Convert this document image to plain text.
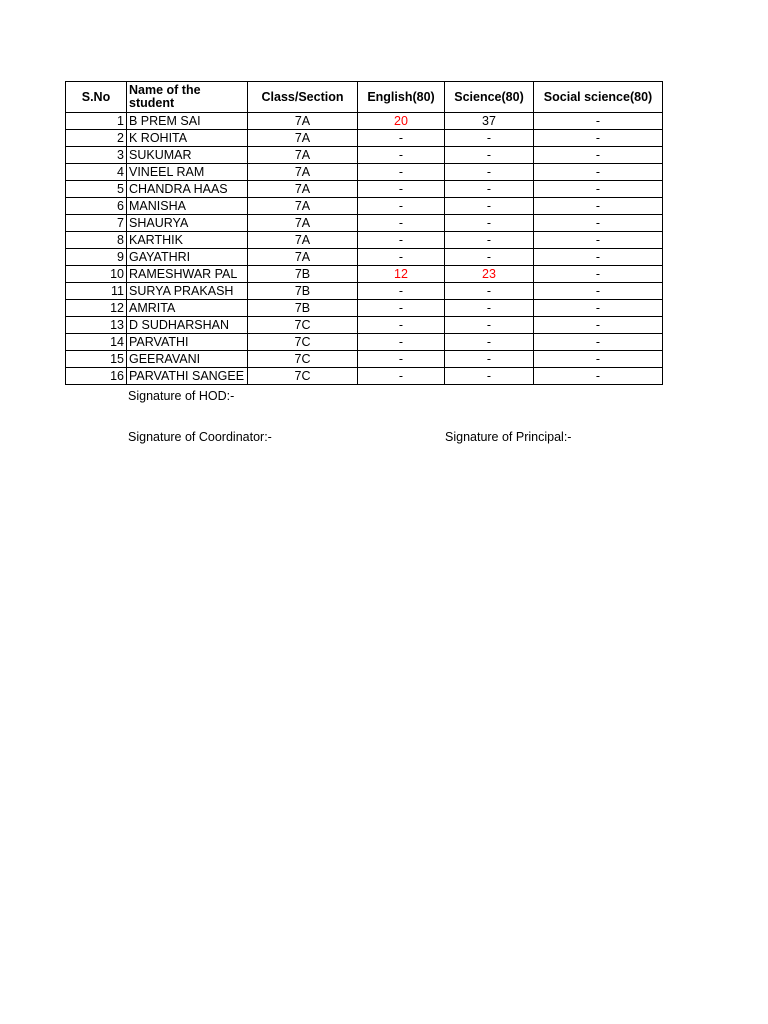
S.No	Name of the student	Class/Section	English(80)	Science(80)	Social science(80)
1	B PREM SAI	7A	20	37	-
2	K ROHITA	7A	-	-	-
3	SUKUMAR	7A	-	-	-
4	VINEEL RAM	7A	-	-	-
5	CHANDRA HAAS	7A	-	-	-
6	MANISHA	7A	-	-	-
7	SHAURYA	7A	-	-	-
8	KARTHIK	7A	-	-	-
9	GAYATHRI	7A	-	-	-
10	RAMESHWAR PAL	7B	12	23	-
11	SURYA PRAKASH	7B	-	-	-
12	AMRITA	7B	-	-	-
13	D SUDHARSHAN	7C	-	-	-
14	PARVATHI	7C	-	-	-
15	GEERAVANI	7C	-	-	-
16	PARVATHI SANGEE	7C	-	-	-
Signature of HOD:-
Signature of Coordinator:-	Signature of Principal:-
